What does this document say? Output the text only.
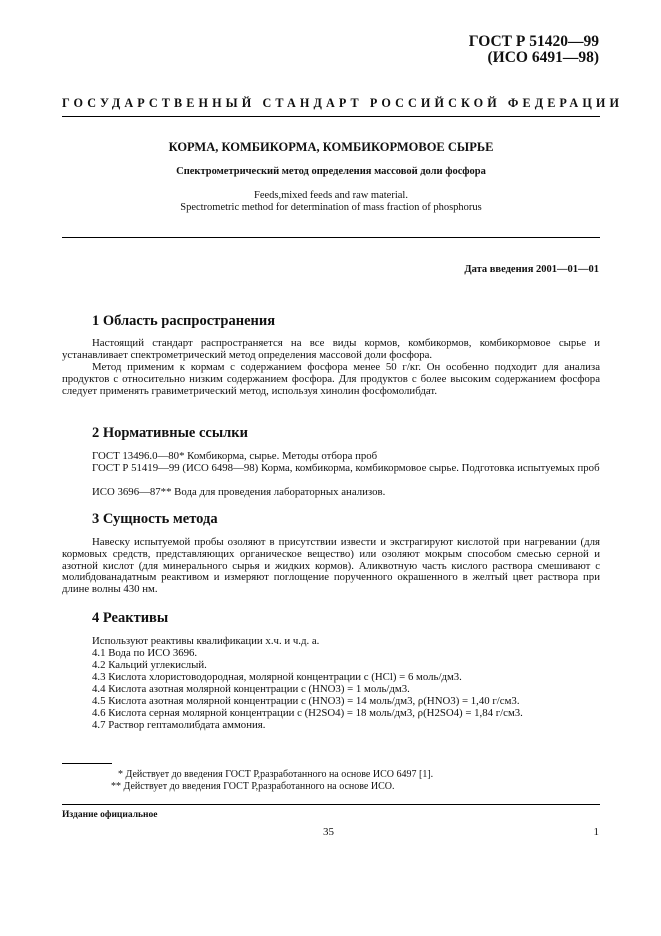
ГОСТ Р 51420—99
(ИСО 6491—98)
ГОСУДАРСТВЕННЫЙ СТАНДАРТ РОССИЙСКОЙ ФЕДЕРАЦИИ
КОРМА, КОМБИКОРМА, КОМБИКОРМОВОЕ СЫРЬЕ
Спектрометрический метод определения массовой доли фосфора
Feeds,mixed feeds and raw material.
Spectrometric method for determination of mass fraction of phosphorus
Дата введения 2001—01—01
1 Область распространения
Настоящий стандарт распространяется на все виды кормов, комбикормов, комбикормовое сырье и устанавливает спектрометрический метод определения массовой доли фосфора.
Метод применим к кормам с содержанием фосфора менее 50 г/кг. Он особенно подходит для анализа продуктов с относительно низким содержанием фосфора. Для продуктов с более высоким содержанием фосфора следует применять гравиметрический метод, используя хинолин фосфомолибдат.
2 Нормативные ссылки
ГОСТ 13496.0—80* Комбикорма, сырье. Методы отбора проб
ГОСТ Р 51419—99 (ИСО 6498—98) Корма, комбикорма, комбикормовое сырье. Подготовка испытуемых проб
ИСО 3696—87** Вода для проведения лабораторных анализов.
3 Сущность метода
Навеску испытуемой пробы озоляют в присутствии извести и экстрагируют кислотой при нагревании (для кормовых средств, представляющих органическое вещество) или озоляют мокрым способом смесью серной и азотной кислот (для минерального сырья и жидких кормов). Аликвотную часть кислого раствора смешивают с молибдованадатным реактивом и измеряют поглощение порученного окрашенного в желтый цвет раствора при длине волны 430 нм.
4 Реактивы
Используют реактивы квалификации х.ч. и ч.д. а.
4.1 Вода по ИСО 3696.
4.2 Кальций углекислый.
4.3 Кислота хлористоводородная, молярной концентрации c (HCl) = 6 моль/дм3.
4.4 Кислота азотная молярной концентрации c (HNO3) = 1 моль/дм3.
4.5 Кислота азотная молярной концентрации c (HNO3) = 14 моль/дм3, ρ(HNO3) = 1,40 г/см3.
4.6 Кислота серная молярной концентрации c (H2SO4) = 18 моль/дм3, ρ(H2SO4) = 1,84 г/см3.
4.7 Раствор гептамолибдата аммония.
* Действует до введения ГОСТ Р,разработанного на основе ИСО 6497 [1].
** Действует до введения ГОСТ Р,разработанного на основе ИСО.
Издание официальное
35	1
